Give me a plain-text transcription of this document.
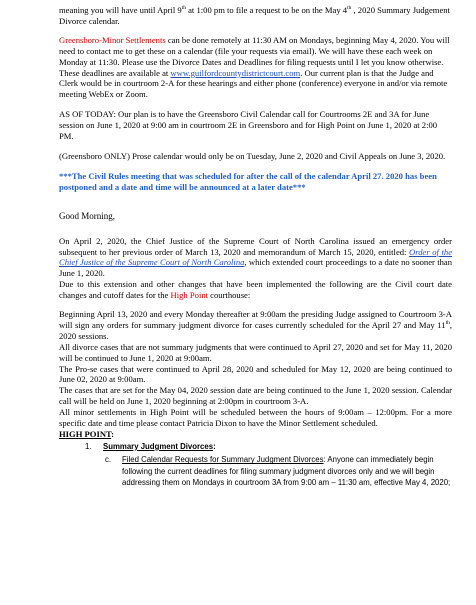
meaning you will have until April 9th at 1:00 pm to file a request to be on the May 4th , 2020 Summary Judgement Divorce calendar.

Greensboro-Minor Settlements can be done remotely at 11:30 AM on Mondays, beginning May 4, 2020. You will need to contact me to get these on a calendar (file your requests via email). We will have these each week on Monday at 11:30. Please use the Divorce Dates and Deadlines for filing requests until I let you know otherwise. These deadlines are available at www.guilfordcountydistrictcourt.com. Our current plan is that the Judge and Clerk would be in courtroom 2-A for these hearings and either phone (conference) everyone in and/or via remote meeting WebEx or Zoom.

AS OF TODAY: Our plan is to have the Greensboro Civil Calendar call for Courtrooms 2E and 3A for June session on June 1, 2020 at 9:00 am in courtroom 2E in Greensboro and for High Point on June 1, 2020 at 2:00 PM.

(Greensboro ONLY) Prose calendar would only be on Tuesday, June 2, 2020 and Civil Appeals on June 3, 2020.

***The Civil Rules meeting that was scheduled for after the call of the calendar April 27. 2020 has been postponed and a date and time will be announced at a later date***

Good Morning,

On April 2, 2020, the Chief Justice of the Supreme Court of North Carolina issued an emergency order subsequent to her previous order of March 13, 2020 and memorandum of March 15, 2020, entitled: Order of the Chief Justice of the Supreme Court of North Carolina, which extended court proceedings to a date no sooner than June 1, 2020.

Due to this extension and other changes that have been implemented the following are the Civil court date changes and cutoff dates for the High Point courthouse:

Beginning April 13, 2020 and every Monday thereafter at 9:00am the presiding Judge assigned to Courtroom 3-A will sign any orders for summary judgment divorce for cases currently scheduled for the April 27 and May 11th, 2020 sessions.

All divorce cases that are not summary judgments that were continued to April 27, 2020 and set for May 11, 2020 will be continued to June 1, 2020 at 9:00am.

The Pro-se cases that were continued to April 28, 2020 and scheduled for May 12, 2020 are being continued to June 02, 2020 at 9:00am.

The cases that are set for the May 04, 2020 session date are being continued to the June 1, 2020 session. Calendar call will be held on June 1, 2020 beginning at 2:00pm in courtroom 3-A.

All minor settlements in High Point will be scheduled between the hours of 9:00am – 12:00pm. For a more specific date and time please contact Patricia Dixon to have the Minor Settlement scheduled.

HIGH POINT:

1. Summary Judgment Divorces:
c. Filed Calendar Requests for Summary Judgment Divorces: Anyone can immediately begin following the current deadlines for filing summary judgment divorces only and we will begin addressing them on Mondays in courtroom 3A from 9:00 am – 11:30 am, effective May 4, 2020;
